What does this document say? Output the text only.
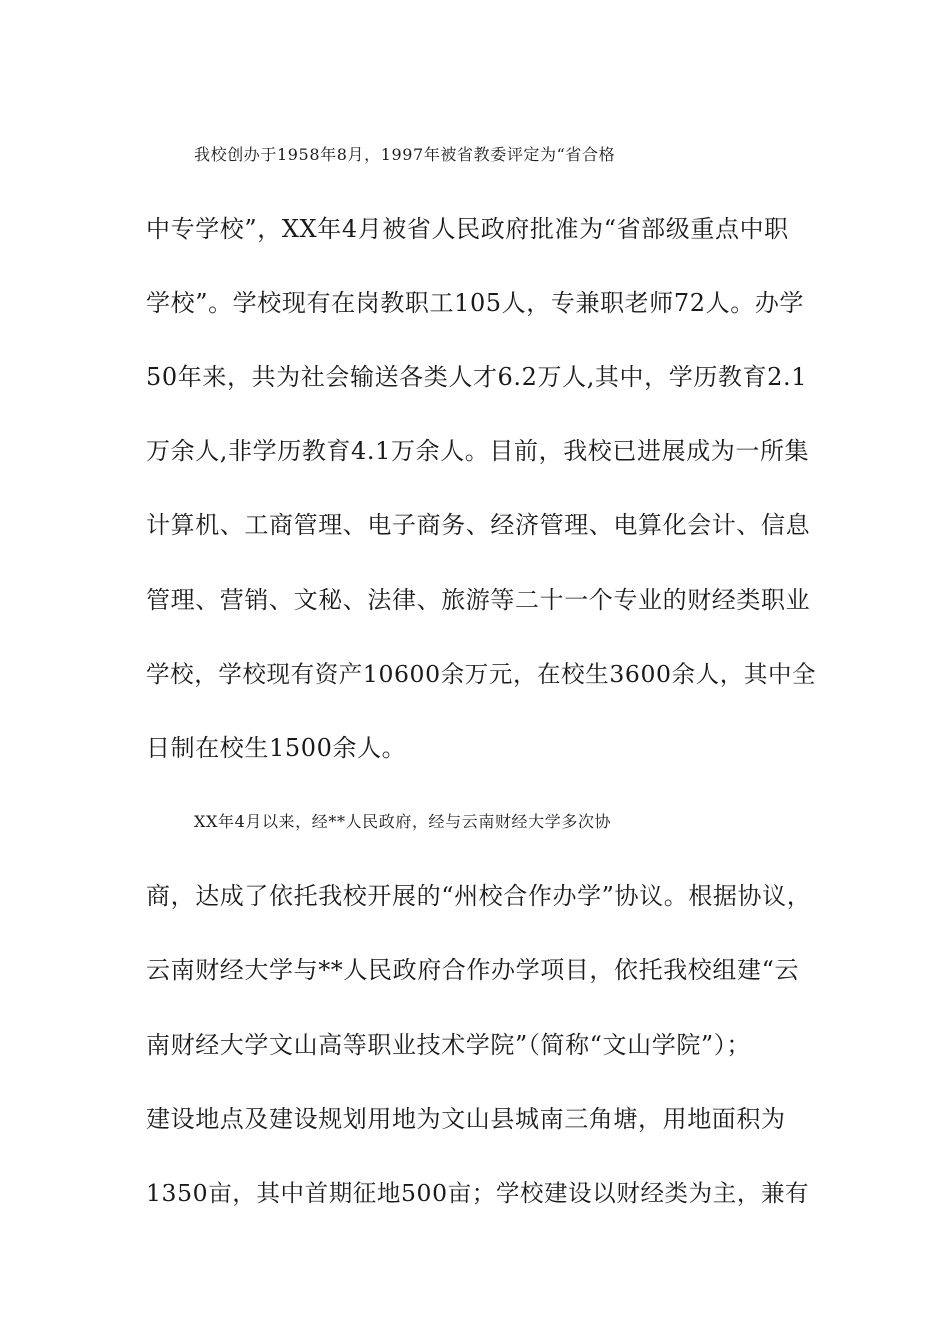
我校创办于1958年8月，1997年被省教委评定为“省合格
中专学校”，XX年4月被省人民政府批准为“省部级重点中职
学校”。学校现有在岗教职工105人，专兼职老师72人。办学
50年来，共为社会输送各类人才6.2万人,其中，学历教育2.1
万余人,非学历教育4.1万余人。目前，我校已进展成为一所集
计算机、工商管理、电子商务、经济管理、电算化会计、信息
管理、营销、文秘、法律、旅游等二十一个专业的财经类职业
学校，学校现有资产10600余万元，在校生3600余人，其中全
日制在校生1500余人。
XX年4月以来，经**人民政府，经与云南财经大学多次协
商，达成了依托我校开展的“州校合作办学”协议。根据协议，
云南财经大学与**人民政府合作办学项目，依托我校组建“云
南财经大学文山高等职业技术学院”（简称“文山学院”）；
建设地点及建设规划用地为文山县城南三角塘，用地面积为
1350亩，其中首期征地500亩；学校建设以财经类为主，兼有
